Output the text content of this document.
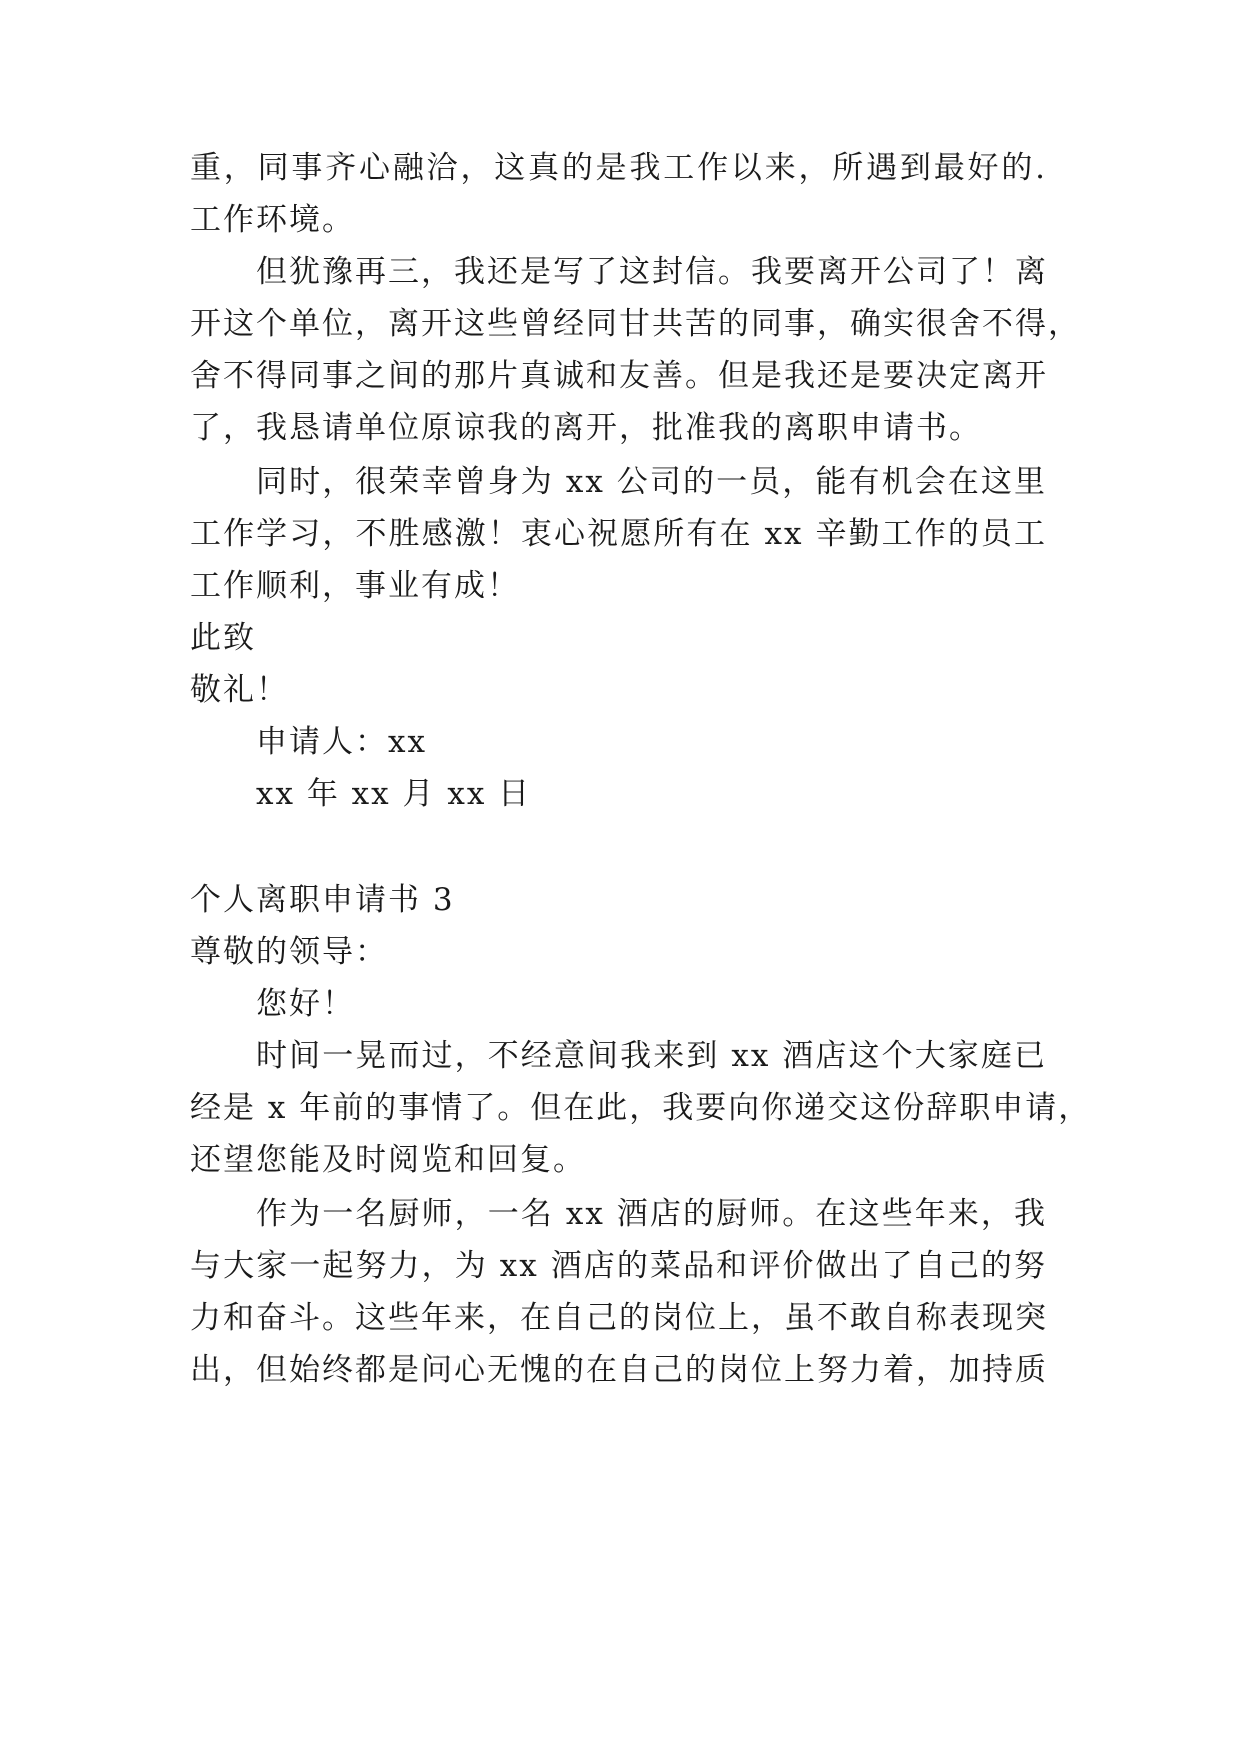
重，同事齐心融洽，这真的是我工作以来，所遇到最好的.
工作环境。
但犹豫再三，我还是写了这封信。我要离开公司了！离
开这个单位，离开这些曾经同甘共苦的同事，确实很舍不得，
舍不得同事之间的那片真诚和友善。但是我还是要决定离开
了，我恳请单位原谅我的离开，批准我的离职申请书。
同时，很荣幸曾身为 xx 公司的一员，能有机会在这里
工作学习，不胜感激！衷心祝愿所有在 xx 辛勤工作的员工
工作顺利，事业有成！
此致
敬礼！
申请人：xx
xx 年 xx 月 xx 日
个人离职申请书 3
尊敬的领导：
您好！
时间一晃而过，不经意间我来到 xx 酒店这个大家庭已
经是 x 年前的事情了。但在此，我要向你递交这份辞职申请，
还望您能及时阅览和回复。
作为一名厨师，一名 xx 酒店的厨师。在这些年来，我
与大家一起努力，为 xx 酒店的菜品和评价做出了自己的努
力和奋斗。这些年来，在自己的岗位上，虽不敢自称表现突
出，但始终都是问心无愧的在自己的岗位上努力着，加持质
